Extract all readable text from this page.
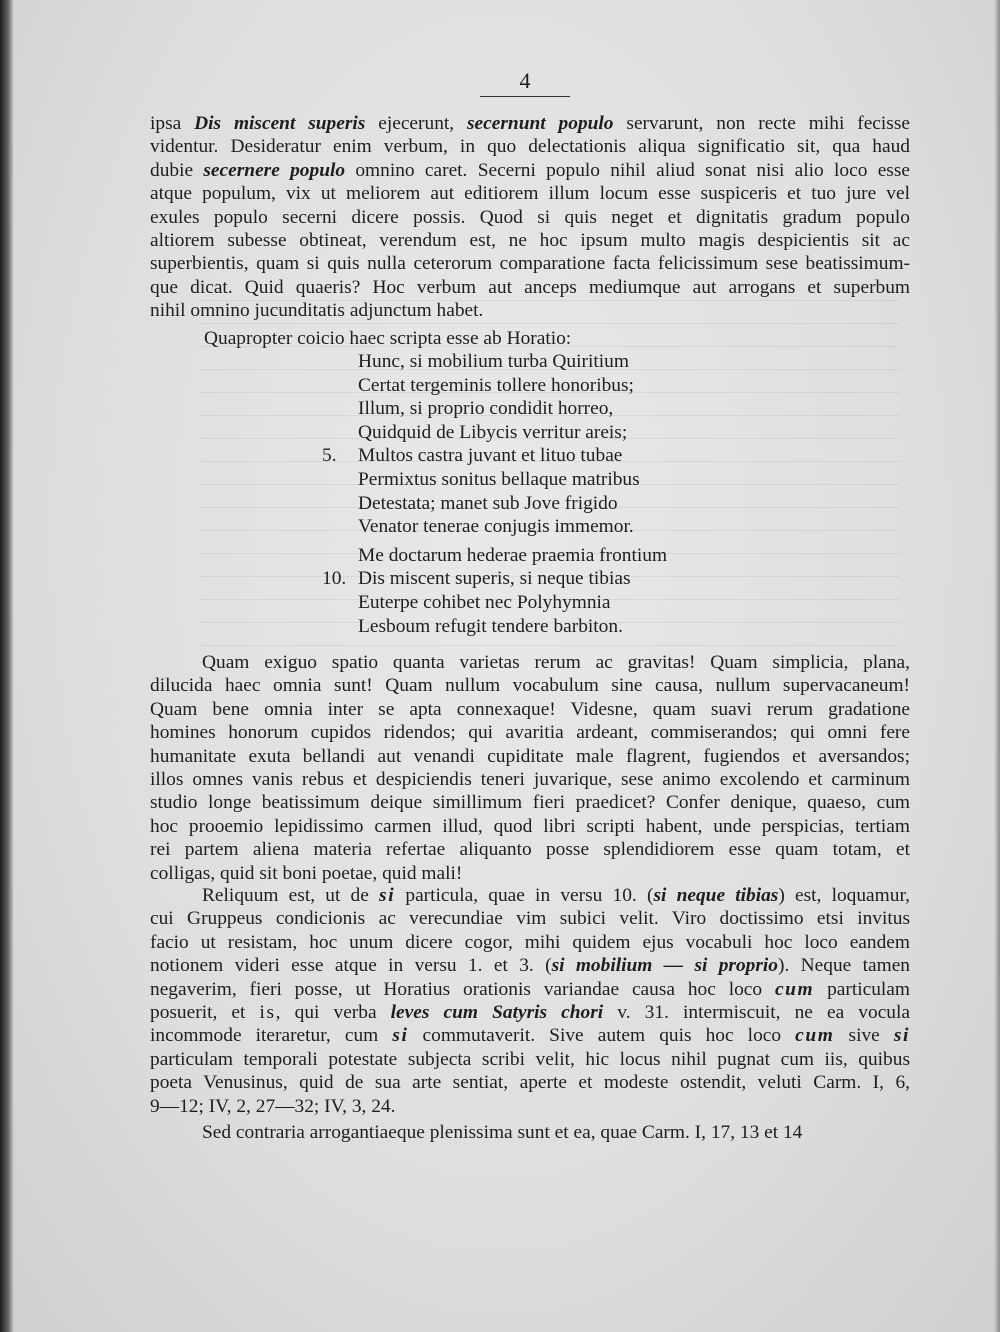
4
ipsa Dis miscent superis ejecerunt, secernunt populo servarunt, non recte mihi fecisse
videntur. Desideratur enim verbum, in quo delectationis aliqua significatio sit, qua haud
dubie secernere populo omnino caret. Secerni populo nihil aliud sonat nisi alio loco esse
atque populum, vix ut meliorem aut editiorem illum locum esse suspiceris et tuo jure vel
exules populo secerni dicere possis. Quod si quis neget et dignitatis gradum populo
altiorem subesse obtineat, verendum est, ne hoc ipsum multo magis despicientis sit ac
superbientis, quam si quis nulla ceterorum comparatione facta felicissimum sese beatissimum-
que dicat. Quid quaeris? Hoc verbum aut anceps mediumque aut arrogans et superbum
nihil omnino jucunditatis adjunctum habet.
Quapropter coicio haec scripta esse ab Horatio:
Hunc, si mobilium turba Quiritium
Certat tergeminis tollere honoribus;
Illum, si proprio condidit horreo,
Quidquid de Libycis verritur areis;
5. Multos castra juvant et lituo tubae
Permixtus sonitus bellaque matribus
Detestata; manet sub Jove frigido
Venator tenerae conjugis immemor.
Me doctarum hederae praemia frontium
10. Dis miscent superis, si neque tibias
Euterpe cohibet nec Polyhymnia
Lesboum refugit tendere barbiton.
Quam exiguo spatio quanta varietas rerum ac gravitas! Quam simplicia, plana,
dilucida haec omnia sunt! Quam nullum vocabulum sine causa, nullum supervacaneum!
Quam bene omnia inter se apta connexaque! Videsne, quam suavi rerum gradatione
homines honorum cupidos ridendos; qui avaritia ardeant, commiserandos; qui omni fere
humanitate exuta bellandi aut venandi cupiditate male flagrent, fugiendos et aversandos;
illos omnes vanis rebus et despiciendis teneri juvarique, sese animo excolendo et carminum
studio longe beatissimum deique simillimum fieri praedicet? Confer denique, quaeso, cum
hoc prooemio lepidissimo carmen illud, quod libri scripti habent, unde perspicias, tertiam
rei partem aliena materia refertae aliquanto posse splendidiorem esse quam totam, et
colligas, quid sit boni poetae, quid mali!
Reliquum est, ut de si particula, quae in versu 10. (si neque tibias) est, loquamur,
cui Gruppeus condicionis ac verecundiae vim subici velit. Viro doctissimo etsi invitus
facio ut resistam, hoc unum dicere cogor, mihi quidem ejus vocabuli hoc loco eandem
notionem videri esse atque in versu 1. et 3. (si mobilium — si proprio). Neque tamen
negaverim, fieri posse, ut Horatius orationis variandae causa hoc loco cum particulam
posuerit, et is, qui verba leves cum Satyris chori v. 31. intermiscuit, ne ea vocula
incommode iteraretur, cum si commutaverit. Sive autem quis hoc loco cum sive si
particulam temporali potestate subjecta scribi velit, hic locus nihil pugnat cum iis, quibus
poeta Venusinus, quid de sua arte sentiat, aperte et modeste ostendit, veluti Carm. I, 6,
9—12; IV, 2, 27—32; IV, 3, 24.
Sed contraria arrogantiaeque plenissima sunt et ea, quae Carm. I, 17, 13 et 14
